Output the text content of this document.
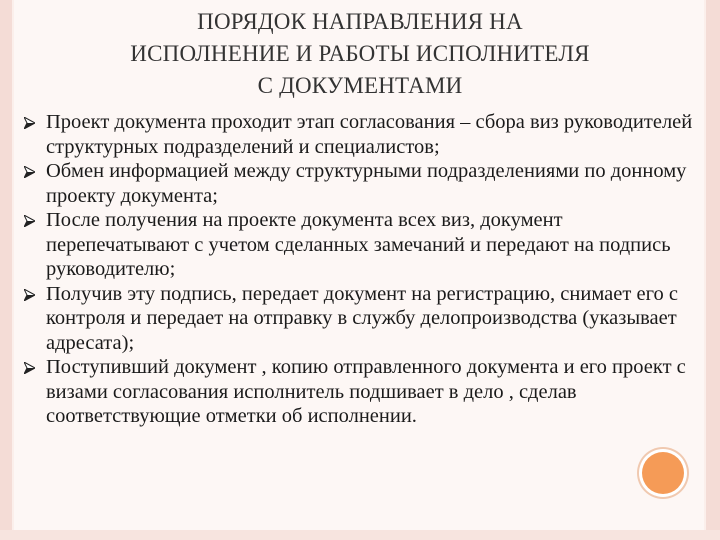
ПОРЯДОК НАПРАВЛЕНИЯ НА
ИСПОЛНЕНИЕ И РАБОТЫ ИСПОЛНИТЕЛЯ
С ДОКУМЕНТАМИ
Проект документа проходит этап согласования – сбора виз руководителей структурных подразделений и специалистов;
Обмен информацией между структурными подразделениями по донному проекту документа;
После получения на проекте документа всех виз, документ перепечатывают с учетом сделанных замечаний и передают на подпись руководителю;
Получив эту подпись, передает документ на регистрацию, снимает его с контроля и передает на отправку в службу делопроизводства (указывает адресата);
Поступивший документ , копию отправленного документа и его проект с визами согласования исполнитель подшивает в дело , сделав соответствующие отметки об исполнении.
